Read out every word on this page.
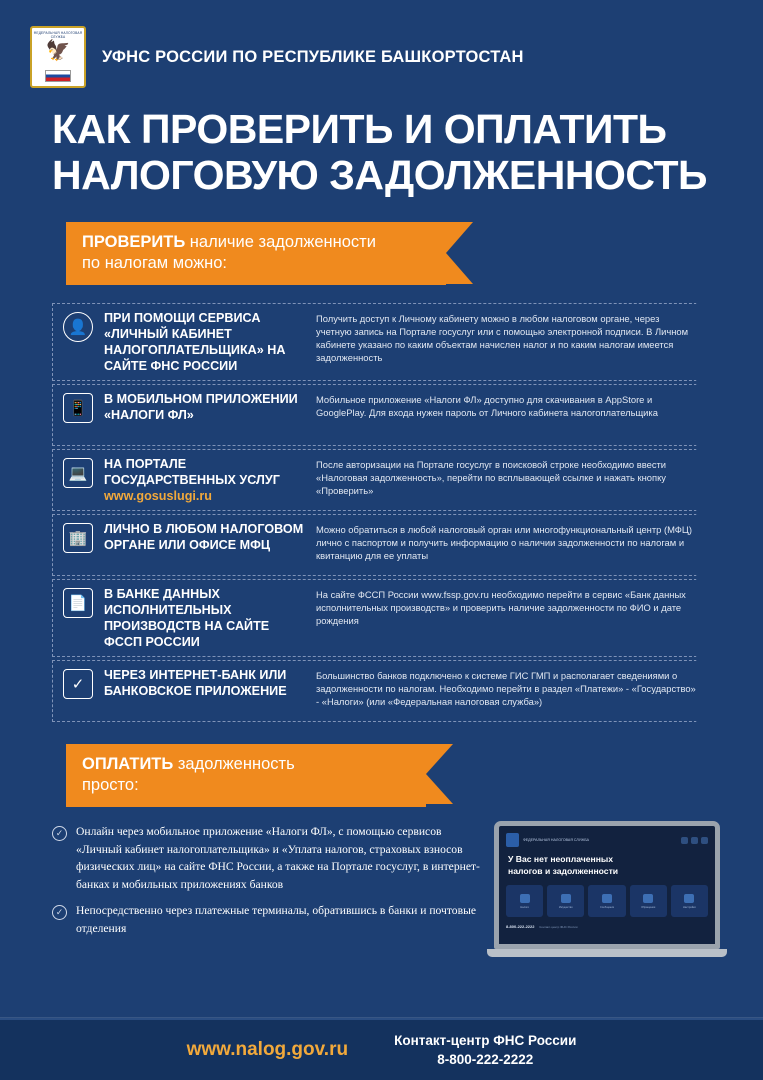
ФЕДЕРАЛЬНАЯ НАЛОГОВАЯ СЛУЖБА
🦅 УФНС РОССИИ ПО РЕСПУБЛИКЕ БАШКОРТОСТАН
КАК ПРОВЕРИТЬ И ОПЛАТИТЬ
НАЛОГОВУЮ ЗАДОЛЖЕННОСТЬ
ПРОВЕРИТЬ наличие задолженности
по налогам можно:
👤
ПРИ ПОМОЩИ СЕРВИСА «ЛИЧНЫЙ КАБИНЕТ НАЛОГОПЛАТЕЛЬЩИКА» НА САЙТЕ ФНС РОССИИ
Получить доступ к Личному кабинету можно в любом налоговом органе, через учетную запись на Портале госуслуг или с помощью электронной подписи. В Личном кабинете указано по каким объектам начислен налог и по каким налогам имеется задолженность
📱
В МОБИЛЬНОМ ПРИЛОЖЕНИИ «НАЛОГИ ФЛ»
Мобильное приложение «Налоги ФЛ» доступно для скачивания в AppStore и GooglePlay. Для входа нужен пароль от Личного кабинета налогоплательщика
💻
НА ПОРТАЛЕ ГОСУДАРСТВЕННЫХ УСЛУГ
www.gosuslugi.ru
После авторизации на Портале госуслуг в поисковой строке необходимо ввести «Налоговая задолженность», перейти по всплывающей ссылке и нажать кнопку «Проверить»
🏢
ЛИЧНО В ЛЮБОМ НАЛОГОВОМ ОРГАНЕ ИЛИ ОФИСЕ МФЦ
Можно обратиться в любой налоговый орган или многофункциональный центр (МФЦ) лично с паспортом и получить информацию о наличии задолженности по налогам и квитанцию для ее уплаты
📄
В БАНКЕ ДАННЫХ ИСПОЛНИТЕЛЬНЫХ ПРОИЗВОДСТВ НА САЙТЕ ФССП РОССИИ
На сайте ФССП России www.fssp.gov.ru необходимо перейти в сервис «Банк данных исполнительных производств» и проверить наличие задолженности по ФИО и дате рождения
✓
ЧЕРЕЗ ИНТЕРНЕТ-БАНК ИЛИ БАНКОВСКОЕ ПРИЛОЖЕНИЕ
Большинство банков подключено к системе ГИС ГМП и располагает сведениями о задолженности по налогам. Необходимо перейти в раздел «Платежи» - «Государство» - «Налоги» (или «Федеральная налоговая служба»)
ОПЛАТИТЬ задолженность
просто:
✓	Онлайн через мобильное приложение «Налоги ФЛ», с помощью сервисов «Личный кабинет налогоплательщика» и «Уплата налогов, страховых взносов физических лиц» на сайте ФНС России, а также на Портале госуслуг, в интернет-банках и мобильных приложениях банков
✓	Непосредственно через платежные терминалы, обратившись в банки и почтовые отделения
ФЕДЕРАЛЬНАЯ НАЛОГОВАЯ СЛУЖБА
У Вас нет неоплаченных
налогов и задолженности
Налоги	Имущество	Сообщения	Обращения	Настройки
8-800-222-2222 Контакт-центр ФНС России
www.nalog.gov.ru	Контакт-центр ФНС России
8-800-222-2222
